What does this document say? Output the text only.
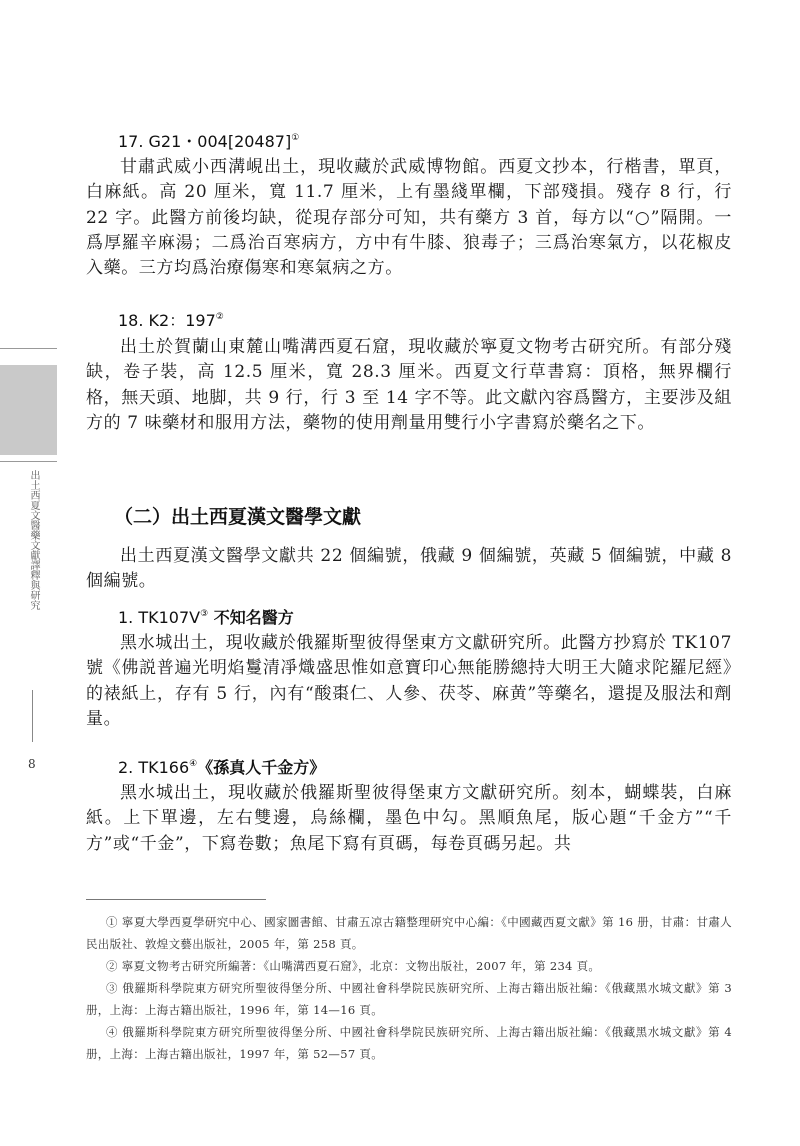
出土西夏文醫藥文獻譯釋與研究
8
17. G21・004[20487]①

甘肅武威小西溝峴出土，現收藏於武威博物館。西夏文抄本，行楷書，單頁，白麻紙。高 20 厘米，寬 11.7 厘米，上有墨綫單欄，下部殘損。殘存 8 行，行 22 字。此醫方前後均缺，從現存部分可知，共有藥方 3 首，每方以“○”隔開。一爲厚羅辛麻湯；二爲治百寒病方，方中有牛膝、狼毒子；三爲治寒氣方，以花椒皮入藥。三方均爲治療傷寒和寒氣病之方。

18. K2：197②

出土於賀蘭山東麓山嘴溝西夏石窟，現收藏於寧夏文物考古研究所。有部分殘缺，卷子裝，高 12.5 厘米，寬 28.3 厘米。西夏文行草書寫：頂格，無界欄行格，無天頭、地脚，共 9 行，行 3 至 14 字不等。此文獻內容爲醫方，主要涉及組方的 7 味藥材和服用方法，藥物的使用劑量用雙行小字書寫於藥名之下。

（二）出土西夏漢文醫學文獻

出土西夏漢文醫學文獻共 22 個編號，俄藏 9 個編號，英藏 5 個編號，中藏 8 個編號。

1. TK107V③ 不知名醫方

黑水城出土，現收藏於俄羅斯聖彼得堡東方文獻研究所。此醫方抄寫於 TK107 號《佛説普遍光明焰鬘清凈熾盛思惟如意寶印心無能勝總持大明王大隨求陀羅尼經》的裱紙上，存有 5 行，內有“酸棗仁、人參、茯苓、麻黄”等藥名，還提及服法和劑量。

2. TK166④《孫真人千金方》

黑水城出土，現收藏於俄羅斯聖彼得堡東方文獻研究所。刻本，蝴蝶裝，白麻紙。上下單邊，左右雙邊，烏絲欄，墨色中勾。黑順魚尾，版心題“千金方”“千方”或“千金”，下寫卷數；魚尾下寫有頁碼，每卷頁碼另起。共

① 寧夏大學西夏學研究中心、國家圖書館、甘肅五凉古籍整理研究中心編：《中國藏西夏文獻》第 16 册，甘肅：甘肅人民出版社、敦煌文藝出版社，2005 年，第 258 頁。

② 寧夏文物考古研究所編著：《山嘴溝西夏石窟》，北京：文物出版社，2007 年，第 234 頁。

③ 俄羅斯科學院東方研究所聖彼得堡分所、中國社會科學院民族研究所、上海古籍出版社編：《俄藏黑水城文獻》第 3 册，上海：上海古籍出版社，1996 年，第 14—16 頁。

④ 俄羅斯科學院東方研究所聖彼得堡分所、中國社會科學院民族研究所、上海古籍出版社編：《俄藏黑水城文獻》第 4 册，上海：上海古籍出版社，1997 年，第 52—57 頁。
